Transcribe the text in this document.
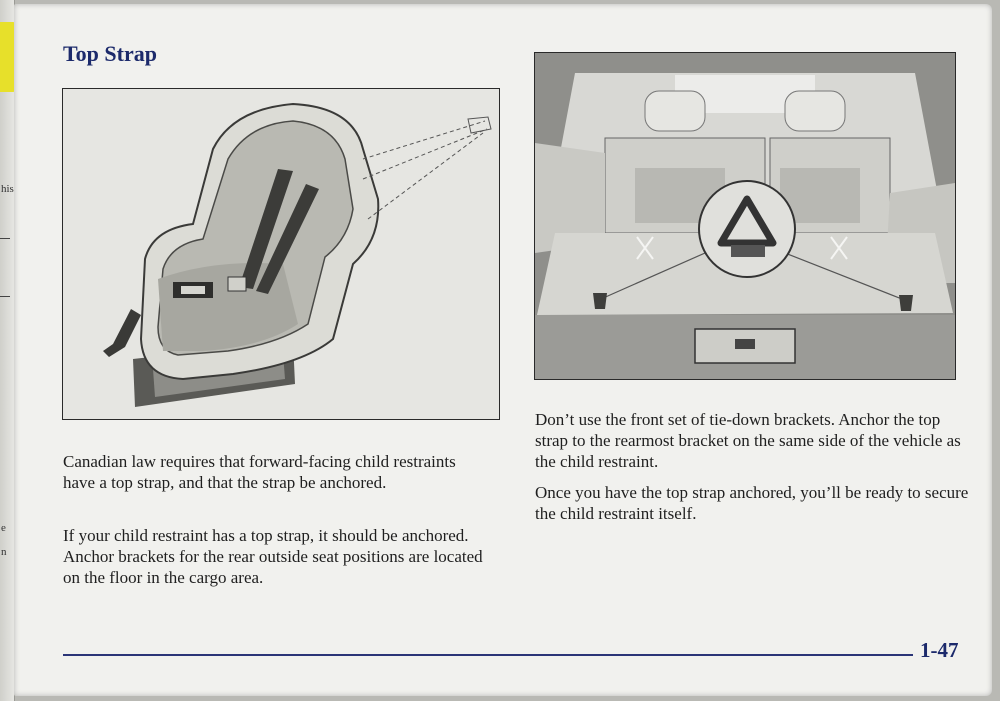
his
e
n
Top Strap

Canadian law requires that forward-facing child restraints have a top strap, and that the strap be anchored.

If your child restraint has a top strap, it should be anchored. Anchor brackets for the rear outside seat positions are located on the floor in the cargo area.

Don’t use the front set of tie-down brackets. Anchor the top strap to the rearmost bracket on the same side of the vehicle as the child restraint.

Once you have the top strap anchored, you’ll be ready to secure the child restraint itself.

1-47
